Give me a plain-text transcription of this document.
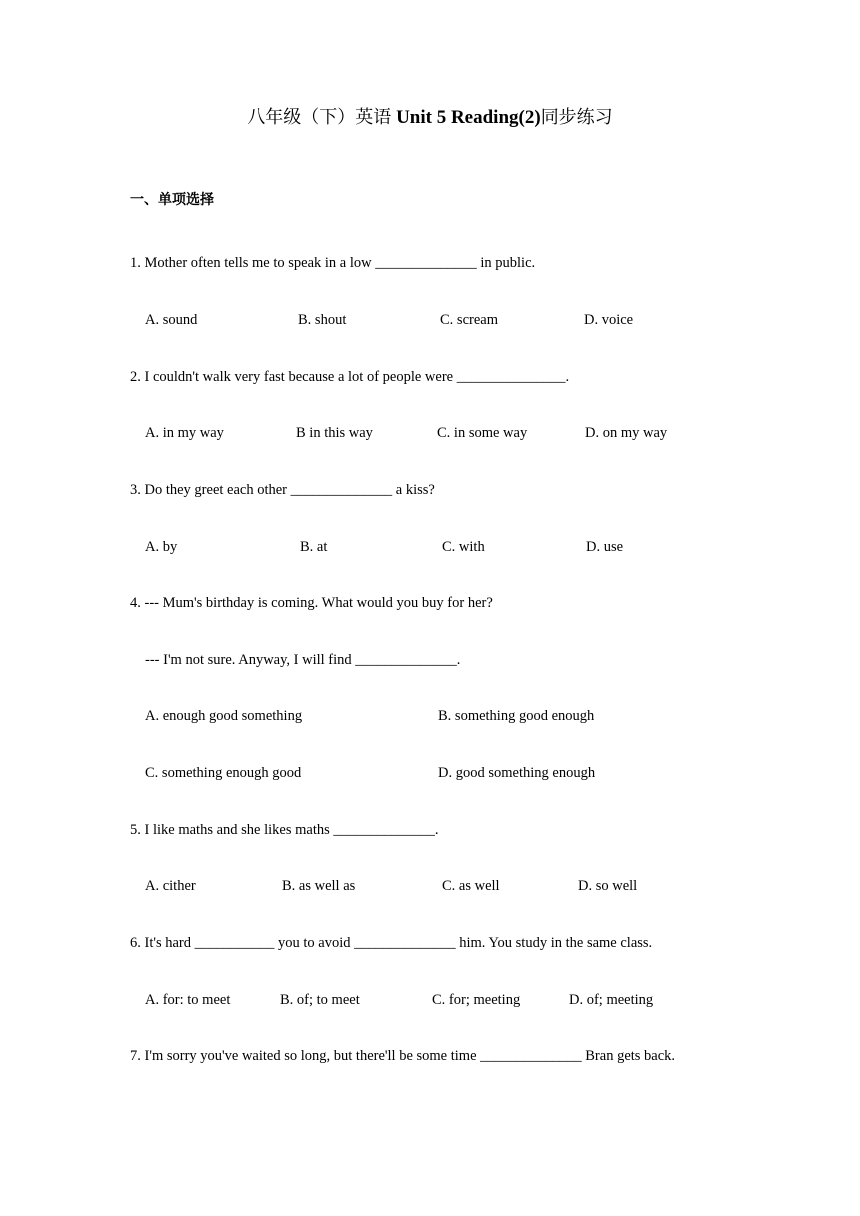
八年级（下）英语 Unit 5 Reading(2)同步练习
一、单项选择
1. Mother often tells me to speak in a low ______________ in public.
A. sound	B. shout	C. scream	D. voice
2. I couldn't walk very fast because a lot of people were _______________.
A. in my way	B in this way	C. in some way	D. on my way
3. Do they greet each other ______________ a kiss?
A. by	B. at	C. with	D. use
4. --- Mum's birthday is coming. What would you buy for her?
--- I'm not sure. Anyway, I will find ______________.
A. enough good something	B. something good enough
C. something enough good	D. good something enough
5. I like maths and she likes maths ______________.
A. cither	B. as well as	C. as well	D. so well
6. It's hard ___________ you to avoid ______________ him. You study in the same class.
A. for: to meet	B. of; to meet	C. for; meeting	D. of; meeting
7. I'm sorry you've waited so long, but there'll be some time ______________ Bran gets back.
